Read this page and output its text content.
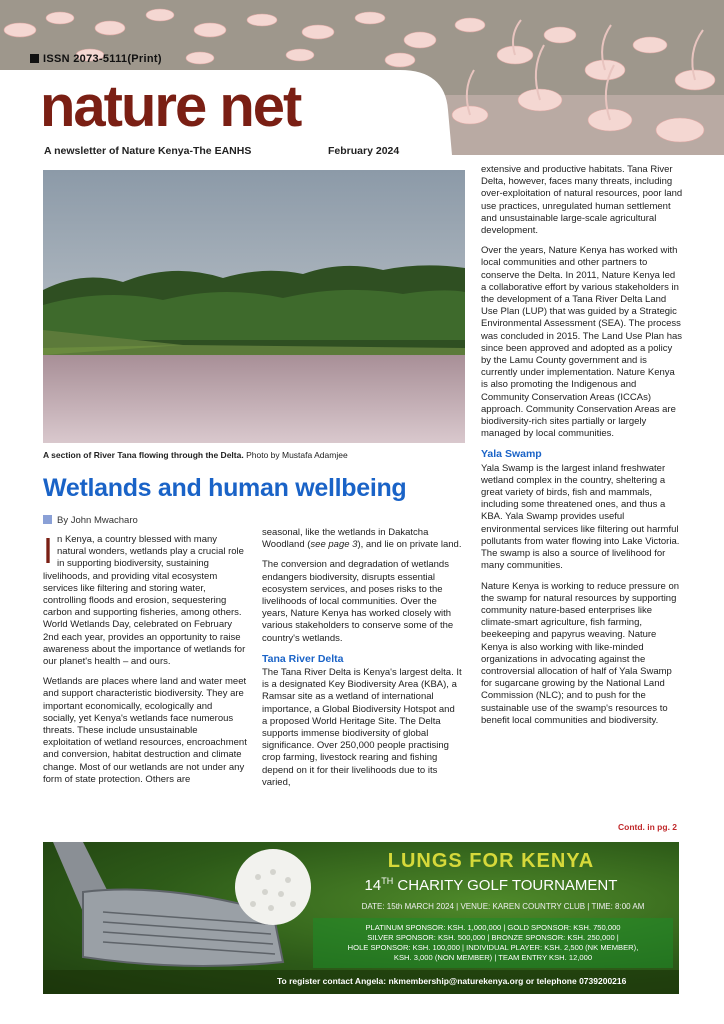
ISSN 2073-5111(Print)
nature net
A newsletter of Nature Kenya-The EANHS	February 2024
A section of River Tana flowing through the Delta. Photo by Mustafa Adamjee
Wetlands and human wellbeing
By John Mwacharo

In Kenya, a country blessed with many natural wonders, wetlands play a crucial role in supporting biodiversity, sustaining livelihoods, and providing vital ecosystem services like filtering and storing water, controlling floods and erosion, sequestering carbon and supporting fisheries, among others. World Wetlands Day, celebrated on February 2nd each year, provides an opportunity to raise awareness about the importance of wetlands for our planet's health – and ours.

Wetlands are places where land and water meet and support characteristic biodiversity. They are important economically, ecologically and socially, yet Kenya's wetlands face numerous threats. These include unsustainable exploitation of wetland resources, encroachment and conversion, habitat destruction and climate change. Most of our wetlands are not under any form of state protection. Others are

seasonal, like the wetlands in Dakatcha Woodland (see page 3), and lie on private land.

The conversion and degradation of wetlands endangers biodiversity, disrupts essential ecosystem services, and poses risks to the livelihoods of local communities. Over the years, Nature Kenya has worked closely with various stakeholders to conserve some of the country's wetlands.

Tana River Delta

The Tana River Delta is Kenya's largest delta. It is a designated Key Biodiversity Area (KBA), a Ramsar site as a wetland of international importance, a Global Biodiversity Hotspot and a proposed World Heritage Site. The Delta supports immense biodiversity of global significance. Over 250,000 people practising crop farming, livestock rearing and fishing depend on it for their livelihoods due to its varied,

extensive and productive habitats. Tana River Delta, however, faces many threats, including over-exploitation of natural resources, poor land use practices, unregulated human settlement and unsustainable large-scale agricultural development.

Over the years, Nature Kenya has worked with local communities and other partners to conserve the Delta. In 2011, Nature Kenya led a collaborative effort by various stakeholders in the development of a Tana River Delta Land Use Plan (LUP) that was guided by a Strategic Environmental Assessment (SEA). The process was concluded in 2015. The Land Use Plan has since been approved and adopted as a policy by the Lamu County government and is currently under implementation. Nature Kenya is also promoting the Indigenous and Community Conservation Areas (ICCAs) approach. Community Conservation Areas are biodiversity-rich sites partially or largely managed by local communities.

Yala Swamp

Yala Swamp is the largest inland freshwater wetland complex in the country, sheltering a great variety of birds, fish and mammals, including some threatened ones, and thus a KBA. Yala Swamp provides useful environmental services like filtering out harmful pollutants from water flowing into Lake Victoria. The swamp is also a source of livelihood for many communities.

Nature Kenya is working to reduce pressure on the swamp for natural resources by supporting community nature-based enterprises like climate-smart agriculture, fish farming, beekeeping and papyrus weaving. Nature Kenya is also working with like-minded organizations in advocating against the controversial allocation of half of Yala Swamp for sugarcane growing by the National Land Commission (NLC); and to push for the sustainable use of the swamp's resources to benefit local communities and biodiversity.

Contd. in pg. 2
LUNGS FOR KENYA
14TH CHARITY GOLF TOURNAMENT
DATE: 15th MARCH 2024 | VENUE: KAREN COUNTRY CLUB | TIME: 8:00 AM
PLATINUM SPONSOR: KSH. 1,000,000 | GOLD SPONSOR: KSH. 750,000
SILVER SPONSOR: KSH. 500,000 | BRONZE SPONSOR: KSH. 250,000 |
HOLE SPONSOR: KSH. 100,000 | INDIVIDUAL PLAYER: KSH. 2,500 (NK MEMBER),
KSH. 3,000 (NON MEMBER) | TEAM ENTRY KSH. 12,000
To register contact Angela: nkmembership@naturekenya.org or telephone 0739200216
